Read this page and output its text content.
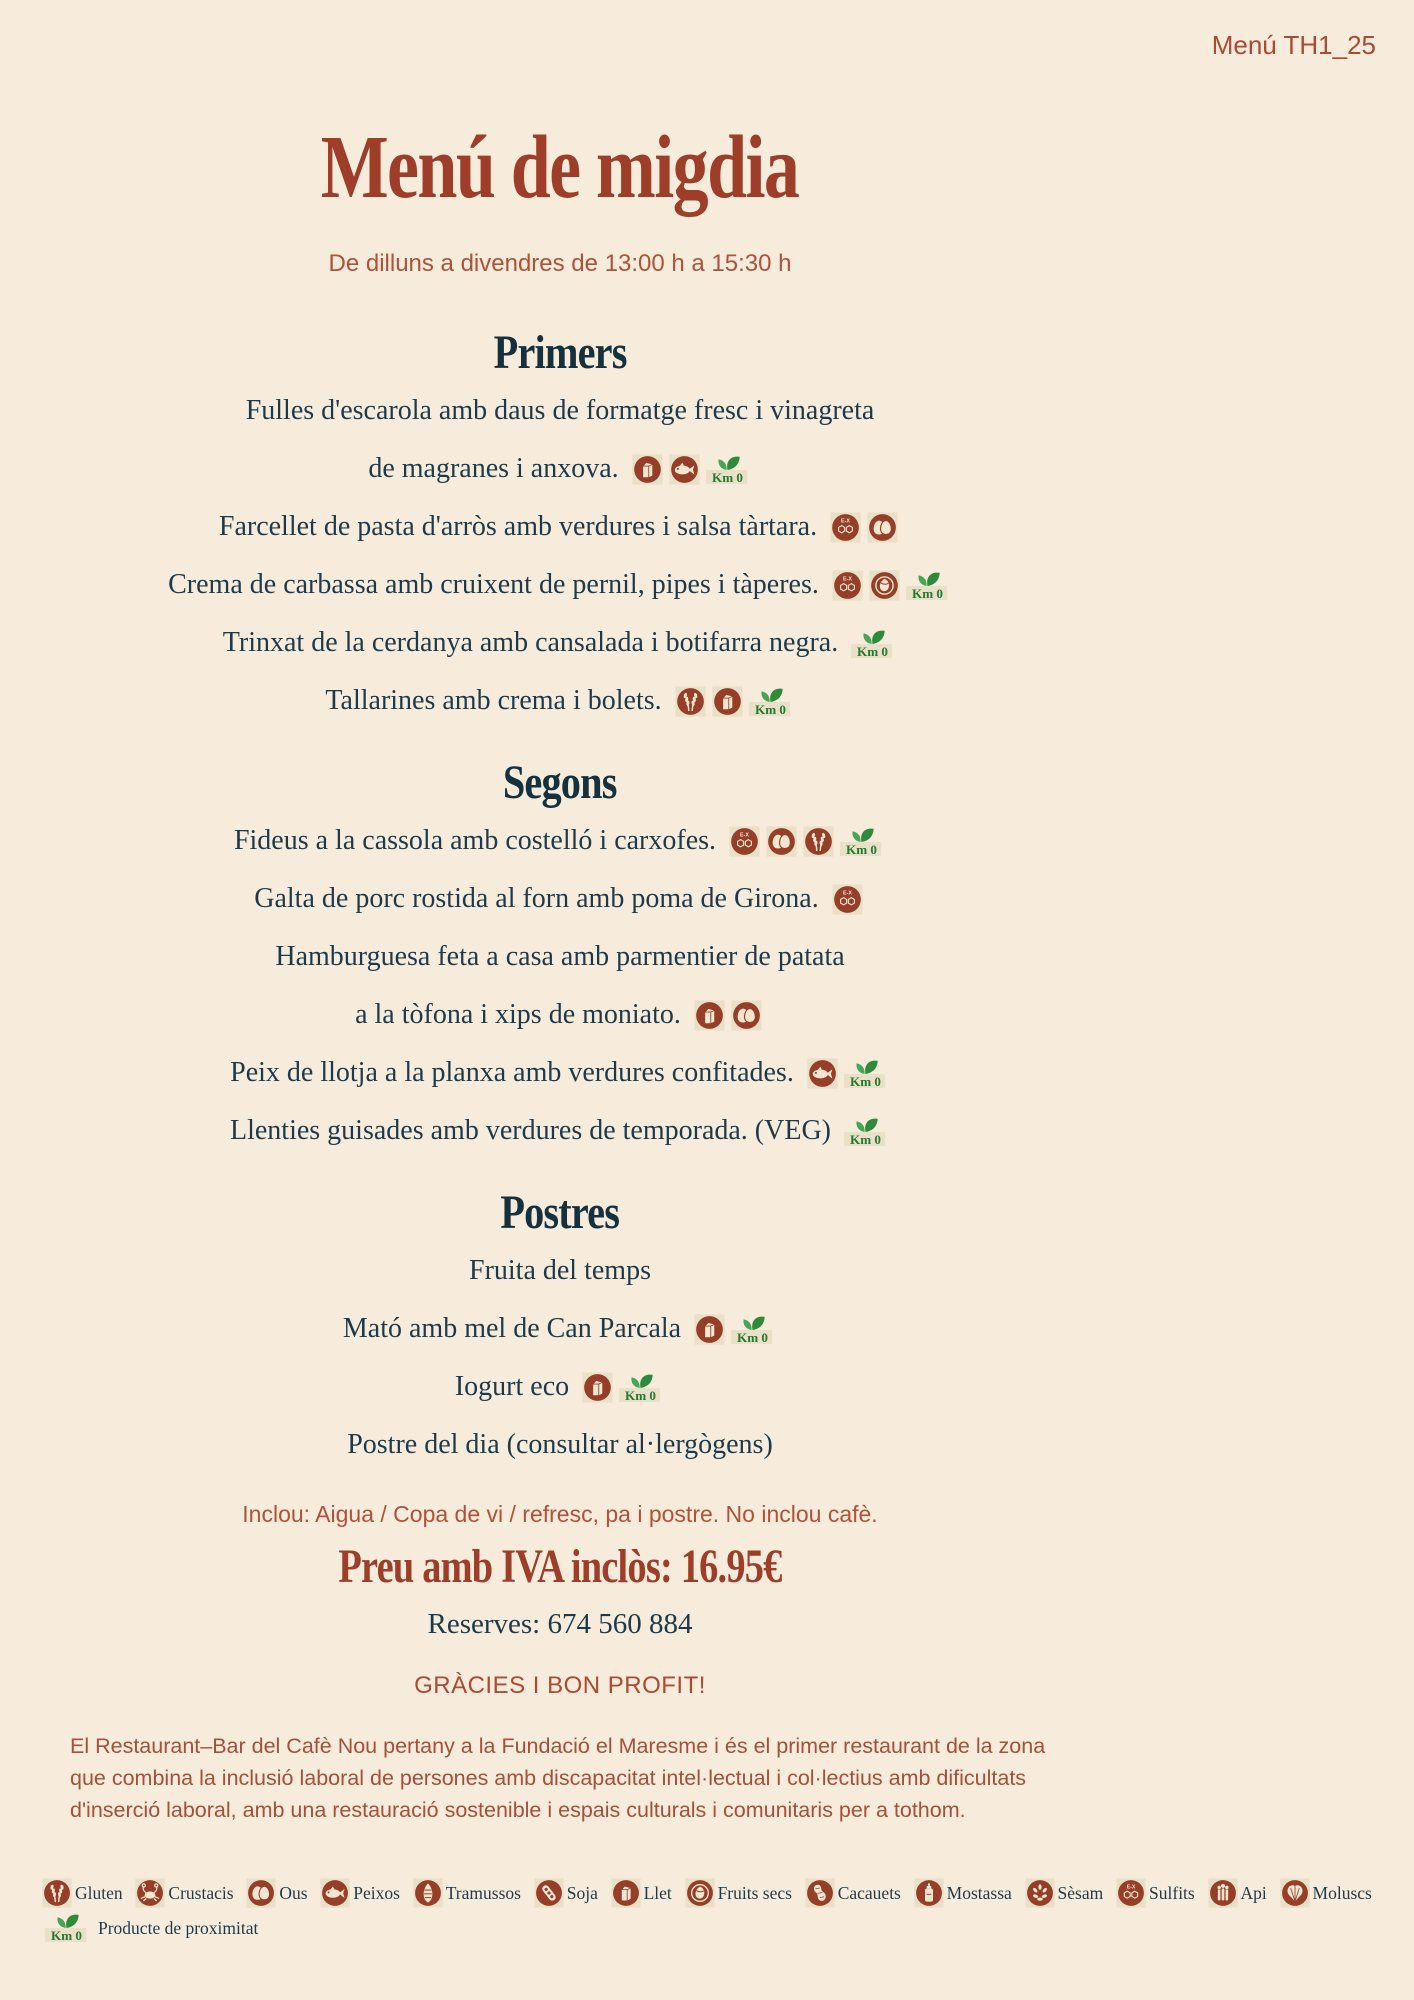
Menú TH1_25
Menú de migdia
De dilluns a divendres de 13:00 h a 15:30 h
Primers
Fulles d'escarola amb daus de formatge fresc i vinagreta
de magranes i anxova.	Km 0
Farcellet de pasta d'arròs amb verdures i salsa tàrtara.	E-X
Crema de carbassa amb cruixent de pernil, pipes i tàperes.	E-X
Km 0
Trinxat de la cerdanya amb cansalada i botifarra negra. Km 0
Tallarines amb crema i bolets.	Km 0
Segons
Fideus a la cassola amb costelló i carxofes.	E-X
Km 0
Galta de porc rostida al forn amb poma de Girona.	E-X
Hamburguesa feta a casa amb parmentier de patata
a la tòfona i xips de moniato.
Peix de llotja a la planxa amb verdures confitades.	Km 0
Llenties guisades amb verdures de temporada. (VEG) Km 0
Postres
Fruita del temps
Mató amb mel de Can Parcala	Km 0
Iogurt eco	Km 0
Postre del dia (consultar al·lergògens)
Inclou: Aigua / Copa de vi / refresc, pa i postre. No inclou cafè.
Preu amb IVA inclòs: 16.95€
Reserves: 674 560 884
GRÀCIES I BON PROFIT!

El Restaurant–Bar del Cafè Nou pertany a la Fundació el Maresme i és el primer restaurant de la zona que combina la inclusió laboral de persones amb discapacitat intel·lectual i col·lectius amb dificultats d'inserció laboral, amb una restauració sostenible i espais culturals i comunitaris per a tothom.

Gluten	Crustacis	Ous	Peixos	Tramussos	Soja	Llet	Fruits secs	Cacauets	Mostassa	Sèsam	E-X Sulfits	Api	Moluscs
Km 0 Producte de proximitat
